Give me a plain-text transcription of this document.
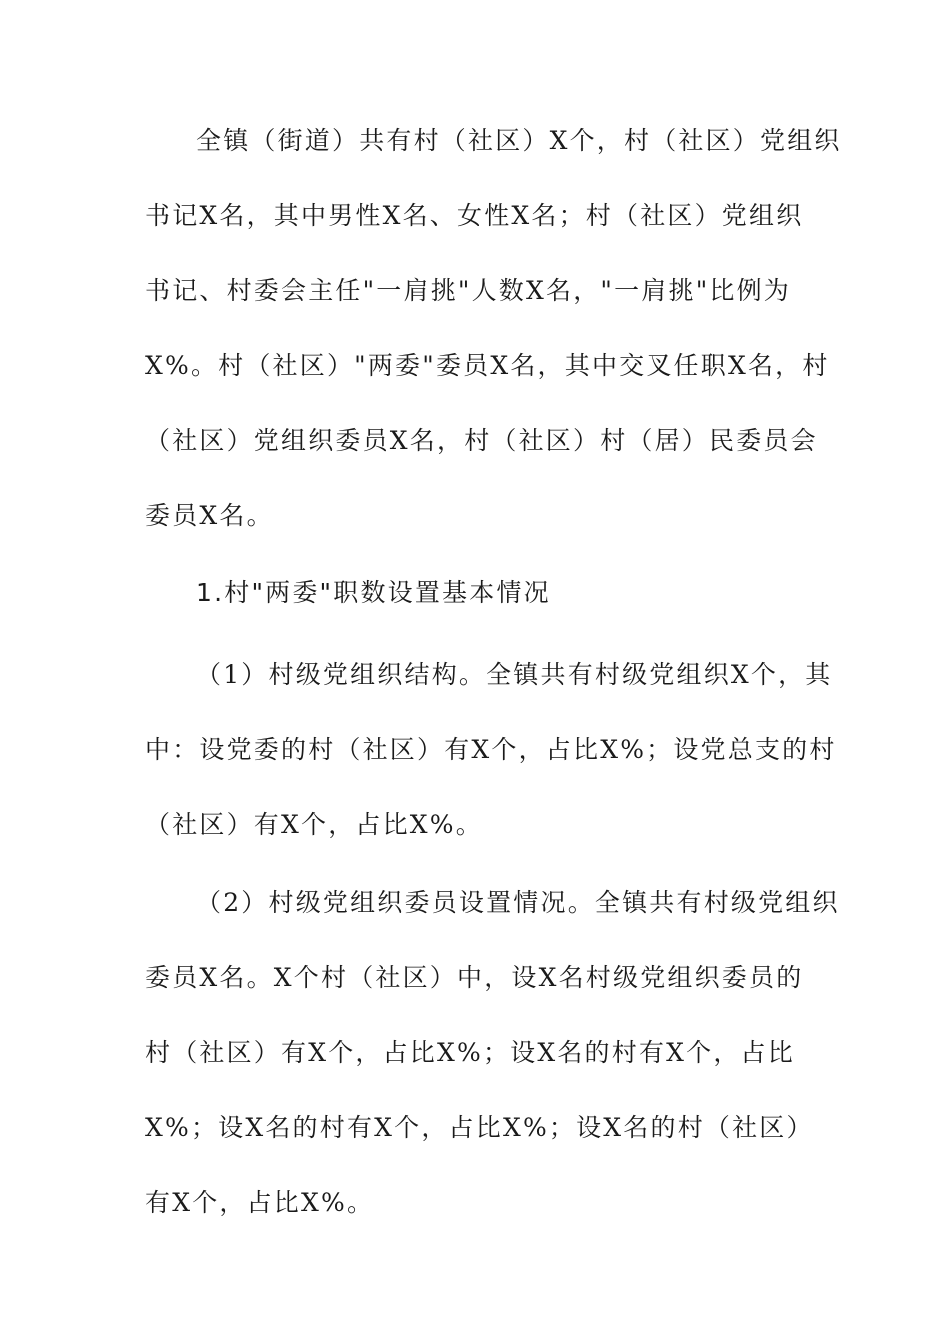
全镇（街道）共有村（社区）X个，村（社区）党组织
书记X名，其中男性X名、女性X名；村（社区）党组织
书记、村委会主任"一肩挑"人数X名，"一肩挑"比例为
X%。村（社区）"两委"委员X名，其中交叉任职X名，村
（社区）党组织委员X名，村（社区）村（居）民委员会
委员X名。
1.村"两委"职数设置基本情况
（1）村级党组织结构。全镇共有村级党组织X个，其
中：设党委的村（社区）有X个，占比X%；设党总支的村
（社区）有X个，占比X%。
（2）村级党组织委员设置情况。全镇共有村级党组织
委员X名。X个村（社区）中，设X名村级党组织委员的
村（社区）有X个，占比X%；设X名的村有X个，占比
X%；设X名的村有X个，占比X%；设X名的村（社区）
有X个，占比X%。
